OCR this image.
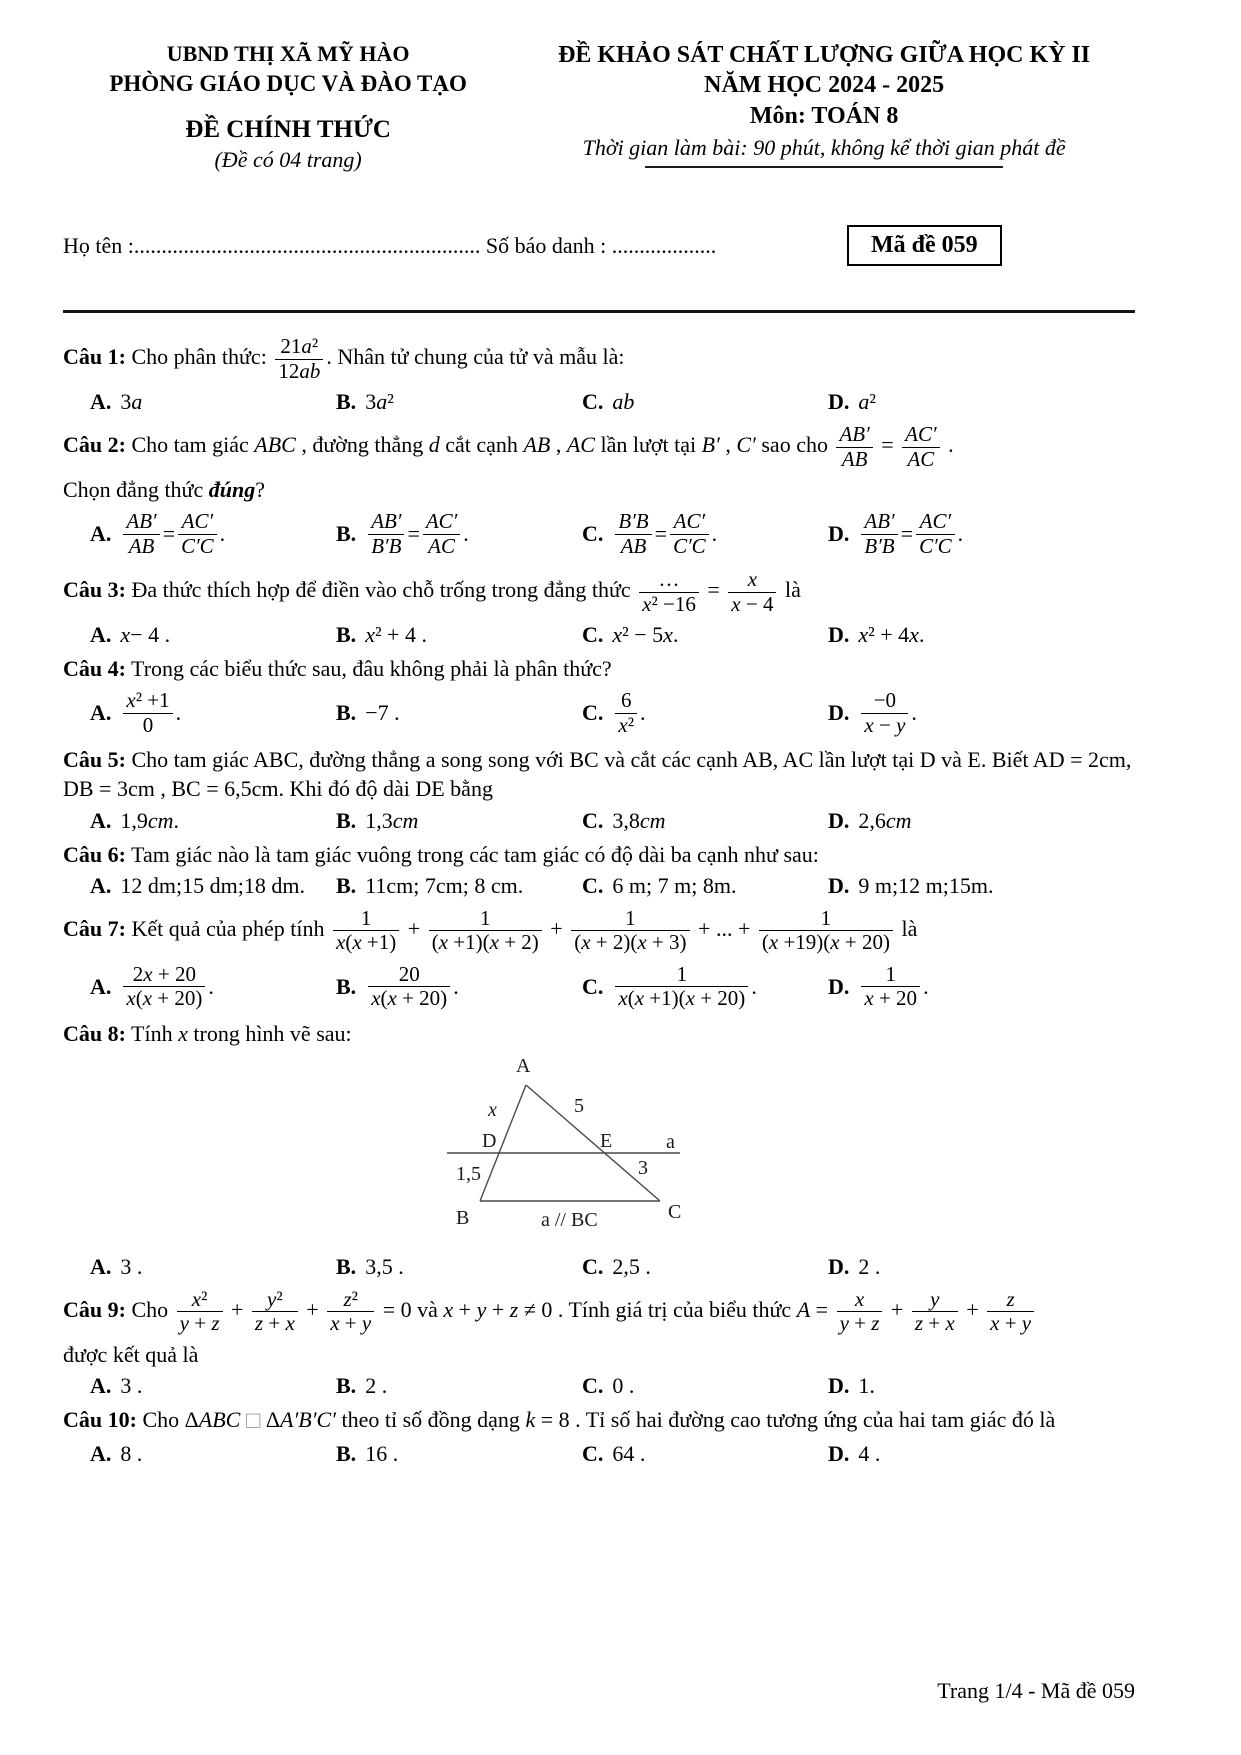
UBND THỊ XÃ MỸ HÀO
PHÒNG GIÁO DỤC VÀ ĐÀO TẠO
ĐỀ CHÍNH THỨC
(Đề có 04 trang)
ĐỀ KHẢO SÁT CHẤT LƯỢNG GIỮA HỌC KỲ II
NĂM HỌC 2024 - 2025
Môn: TOÁN 8
Thời gian làm bài: 90 phút, không kể thời gian phát đề
Họ tên :............................................................... Số báo danh : ...................	Mã đề 059
Câu 1: Cho phân thức: $\frac{\text{21a²}}{12ab}$ . Nhân tử chung của tử và mẫu là:
A. 3 a	B. 3 a ²	C. ab	D. a ²
Câu 2: Cho tam giác ABC , đường thẳng d cắt cạnh AB , AC lần lượt tại B′ , C′ sao cho $\frac{AB'}{AB} = \frac{AC'}{AC}$ .
Chọn đẳng thức đúng?
A. $\frac{AB'}{AB} = \frac{AC'}{C'C}$ .	B. $\frac{AB'}{B'B} = \frac{AC'}{AC}$ .	C. $\frac{B'B}{AB} = \frac{AC'}{C'C}$ .	D. $\frac{AB'}{B'B} = \frac{AC'}{C'C}$ .
Câu 3: Đa thức thích hợp để điền vào chỗ trống trong đẳng thức $\frac{\dots}{\text{x² −16}} = \frac{x}{x - 4}$ là
A. x − 4 .	B. x ² + 4 .	C. x ² − 5 x .	D. x ² + 4 x .
Câu 4: Trong các biểu thức sau, đâu không phải là phân thức?
A. $\frac{\text{x² +1}}{0}$ .	B. −7 .	C. $\frac{6}{\text{x²}}$ .	D. $\frac{-0}{x - y}$ .
Câu 5: Cho tam giác ABC, đường thẳng a song song với BC và cắt các cạnh AB, AC lần lượt tại D và E. Biết AD = 2cm, DB = 3cm , BC = 6,5cm. Khi đó độ dài DE bằng
A. 1,9 cm .	B. 1,3 cm	C. 3,8 cm	D. 2,6 cm
Câu 6: Tam giác nào là tam giác vuông trong các tam giác có độ dài ba cạnh như sau:
A. 12 dm;15 dm;18 dm. B. 11cm; 7cm; 8 cm.	C. 6 m; 7 m; 8m.	D. 9 m;12 m;15m.
Câu 7: Kết quả của phép tính $\frac{1}{x(x +1)} + \frac{1}{(x +1)(x + 2)} + \frac{1}{(x + 2)(x + 3)}$ + ... + $\frac{1}{(x +19)(x + 20)}$ là
A. $\frac{2x + 20}{x(x + 20)}$ .	B. $\frac{20}{x(x + 20)}$ .	C. $\frac{1}{x(x +1)(x + 20)}$ .	D. $\frac{1}{x + 20}$ .
Câu 8: Tính x trong hình vẽ sau:
A
x	5
D	E	a
1,5	3
B	C
a // BC
A. 3 .	B. 3,5 .	C. 2,5 .	D. 2 .
Câu 9: Cho $\frac{\text{x²}}{y + z} + \frac{\text{y²}}{z + x} + \frac{\text{z²}}{x + y} = 0$ và x + y + z ≠ 0 . Tính giá trị của biểu thức $A = \frac{x}{y + z} + \frac{y}{z + x} + \frac{z}{x + y}$
được kết quả là
A. 3 .	B. 2 .	C. 0 .	D. 1.
Câu 10: Cho ΔABC □ ΔA′B′C′ theo tỉ số đồng dạng k = 8 . Tỉ số hai đường cao tương ứng của hai tam giác đó là
A. 8 .	B. 16 .	C. 64 .	D. 4 .
Trang 1/4 - Mã đề 059
